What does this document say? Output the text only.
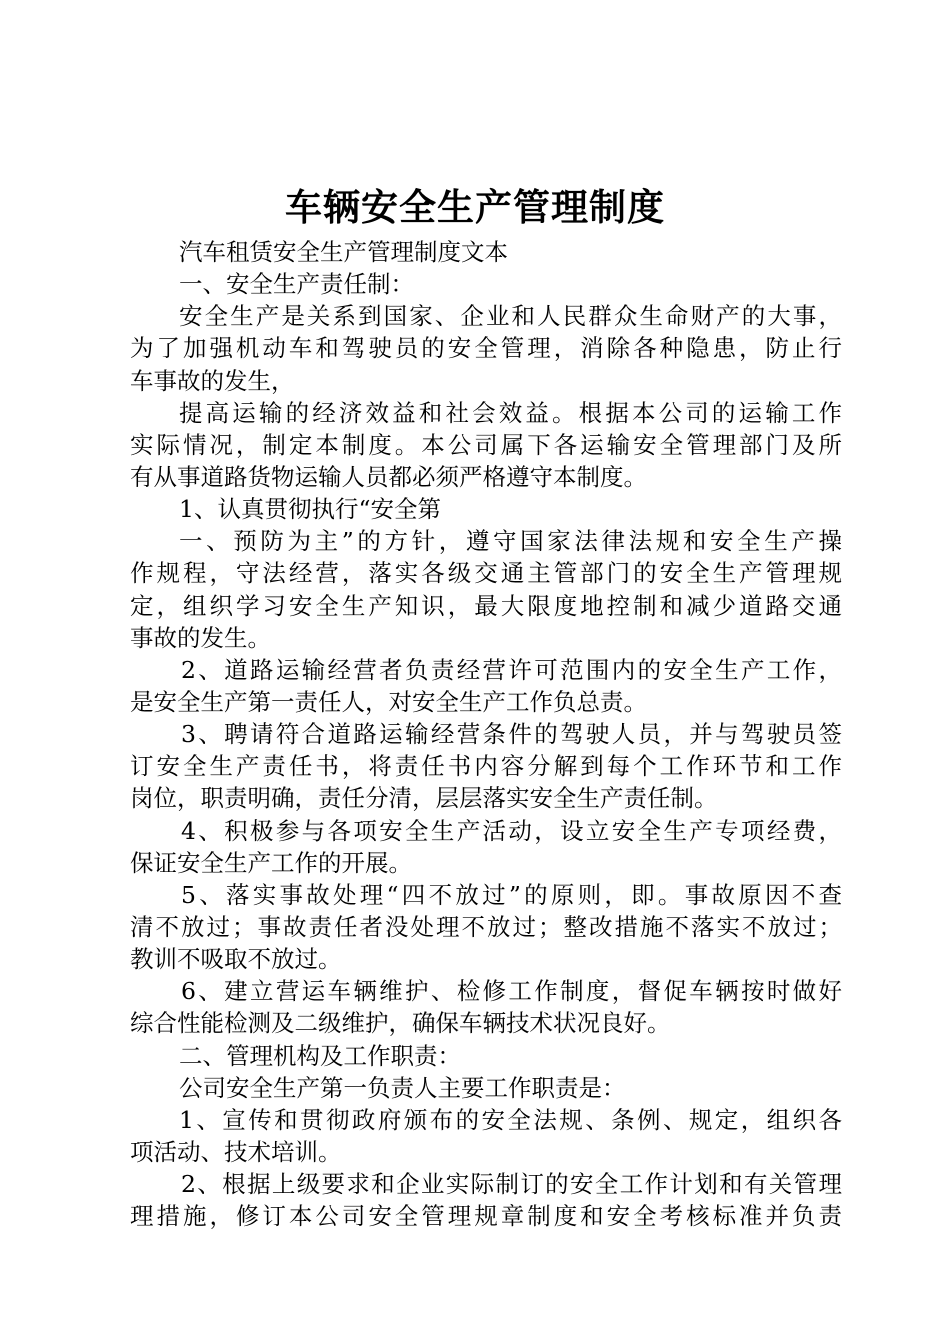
车辆安全生产管理制度
汽车租赁安全生产管理制度文本
一、安全生产责任制：
安全生产是关系到国家、企业和人民群众生命财产的大事，
为了加强机动车和驾驶员的安全管理，消除各种隐患，防止行
车事故的发生，
提高运输的经济效益和社会效益。根据本公司的运输工作
实际情况，制定本制度。本公司属下各运输安全管理部门及所
有从事道路货物运输人员都必须严格遵守本制度。
1、认真贯彻执行“安全第
一、预防为主”的方针，遵守国家法律法规和安全生产操
作规程，守法经营，落实各级交通主管部门的安全生产管理规
定，组织学习安全生产知识，最大限度地控制和减少道路交通
事故的发生。
2、道路运输经营者负责经营许可范围内的安全生产工作，
是安全生产第一责任人，对安全生产工作负总责。
3、聘请符合道路运输经营条件的驾驶人员，并与驾驶员签
订安全生产责任书，将责任书内容分解到每个工作环节和工作
岗位，职责明确，责任分清，层层落实安全生产责任制。
4、积极参与各项安全生产活动，设立安全生产专项经费，
保证安全生产工作的开展。
5、落实事故处理“四不放过”的原则，即。事故原因不查
清不放过；事故责任者没处理不放过；整改措施不落实不放过；
教训不吸取不放过。
6、建立营运车辆维护、检修工作制度，督促车辆按时做好
综合性能检测及二级维护，确保车辆技术状况良好。
二、管理机构及工作职责：
公司安全生产第一负责人主要工作职责是：
1、宣传和贯彻政府颁布的安全法规、条例、规定，组织各
项活动、技术培训。
2、根据上级要求和企业实际制订的安全工作计划和有关管理
理措施，修订本公司安全管理规章制度和安全考核标准并负责
